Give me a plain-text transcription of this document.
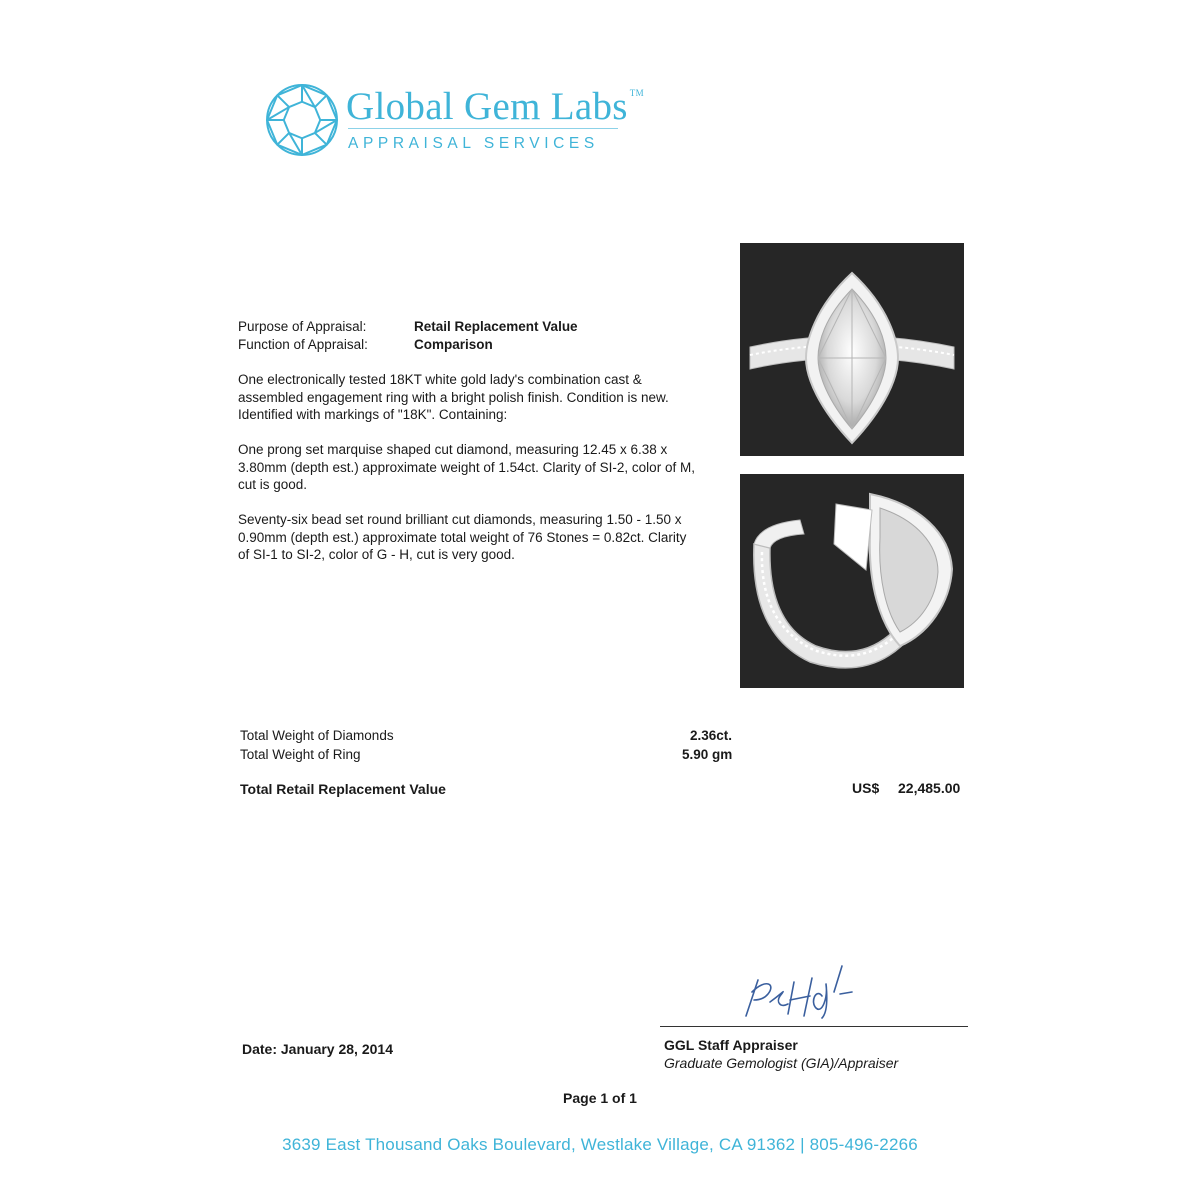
Global Gem Labs ™
APPRAISAL SERVICES
Purpose of Appraisal:	Retail Replacement Value
Function of Appraisal:	Comparison
One electronically tested 18KT white gold lady's combination cast & assembled engagement ring with a bright polish finish. Condition is new. Identified with markings of "18K". Containing:
One prong set marquise shaped cut diamond, measuring 12.45 x 6.38 x 3.80mm (depth est.) approximate weight of 1.54ct. Clarity of SI-2, color of M, cut is good.
Seventy-six bead set round brilliant cut diamonds, measuring 1.50 - 1.50 x 0.90mm (depth est.) approximate total weight of 76 Stones = 0.82ct. Clarity of SI-1 to SI-2, color of G - H, cut is very good.
Total Weight of Diamonds	2.36ct.
Total Weight of Ring	5.90 gm
Total Retail Replacement Value	US$ 22,485.00
Date: January 28, 2014	GGL Staff Appraiser
Graduate Gemologist (GIA)/Appraiser
Page 1 of 1
3639 East Thousand Oaks Boulevard, Westlake Village, CA 91362 | 805-496-2266
